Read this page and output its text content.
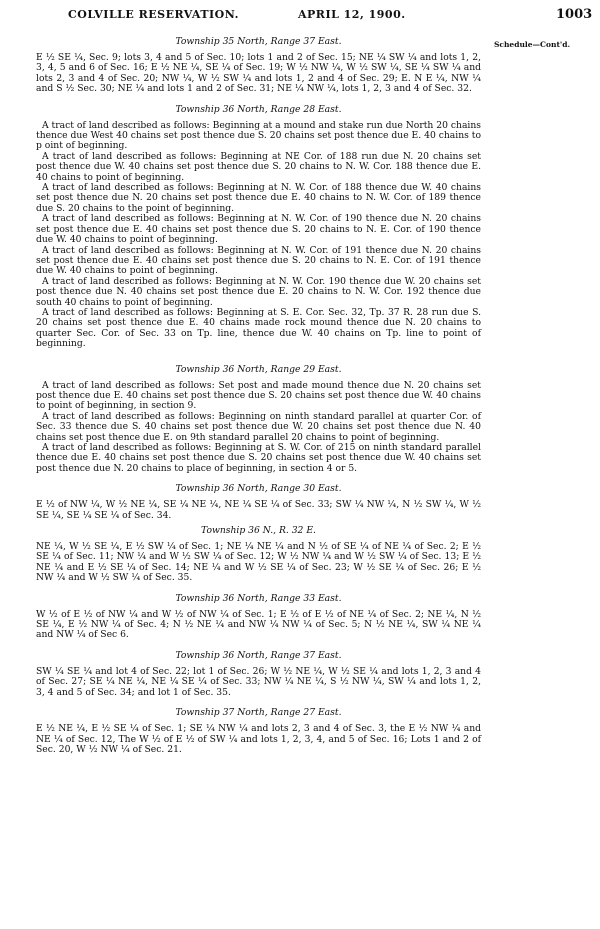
COLVILLE RESERVATION.	APRIL 12, 1900.	1003
Schedule—Cont'd.

Township 35 North, Range 37 East.

E ½ SE ¼, Sec. 9; lots 3, 4 and 5 of Sec. 10; lots 1 and 2 of Sec. 15; NE ¼ SW ¼ and lots 1, 2, 3, 4, 5 and 6 of Sec. 16; E ½ NE ¼, SE ¼ of Sec. 19; W ½ NW ¼, W ½ SW ¼, SE ¼ SW ¼ and lots 2, 3 and 4 of Sec. 20; NW ¼, W ½ SW ¼ and lots 1, 2 and 4 of Sec. 29; E. N E ¼, NW ¼ and S ½ Sec. 30; NE ¼ and lots 1 and 2 of Sec. 31; NE ¼ NW ¼, lots 1, 2, 3 and 4 of Sec. 32.

Township 36 North, Range 28 East.

A tract of land described as follows: Beginning at a mound and stake run due North 20 chains thence due West 40 chains set post thence due S. 20 chains set post thence due E. 40 chains to p oint of beginning.

A tract of land described as follows: Beginning at NE Cor. of 188 run due N. 20 chains set post thence due W. 40 chains set post thence due S. 20 chains to N. W. Cor. 188 thence due E. 40 chains to point of beginning.

A tract of land described as follows: Beginning at N. W. Cor. of 188 thence due W. 40 chains set post thence due N. 20 chains set post thence due E. 40 chains to N. W. Cor. of 189 thence due S. 20 chains to the point of beginning.

A tract of land described as follows: Beginning at N. W. Cor. of 190 thence due N. 20 chains set post thence due E. 40 chains set post thence due S. 20 chains to N. E. Cor. of 190 thence due W. 40 chains to point of beginning.

A tract of land described as follows: Beginning at N. W. Cor. of 191 thence due N. 20 chains set post thence due E. 40 chains set post thence due S. 20 chains to N. E. Cor. of 191 thence due W. 40 chains to point of beginning.

A tract of land described as follows: Beginning at N. W. Cor. 190 thence due W. 20 chains set post thence due N. 40 chains set post thence due E. 20 chains to N. W. Cor. 192 thence due south 40 chains to point of beginning.

A tract of land described as follows: Beginning at S. E. Cor. Sec. 32, Tp. 37 R. 28 run due S. 20 chains set post thence due E. 40 chains made rock mound thence due N. 20 chains to quarter Sec. Cor. of Sec. 33 on Tp. line, thence due W. 40 chains on Tp. line to point of beginning.

Township 36 North, Range 29 East.

A tract of land described as follows: Set post and made mound thence due N. 20 chains set post thence due E. 40 chains set post thence due S. 20 chains set post thence due W. 40 chains to point of beginning, in section 9.

A tract of land described as follows: Beginning on ninth standard parallel at quarter Cor. of Sec. 33 thence due S. 40 chains set post thence due W. 20 chains set post thence due N. 40 chains set post thence due E. on 9th standard parallel 20 chains to point of beginning.

A tract of land described as follows: Beginning at S. W. Cor. of 215 on ninth standard parallel thence due E. 40 chains set post thence due S. 20 chains set post thence due W. 40 chains set post thence due N. 20 chains to place of beginning, in section 4 or 5.

Township 36 North, Range 30 East.

E ½ of NW ¼, W ½ NE ¼, SE ¼ NE ¼, NE ¼ SE ¼ of Sec. 33; SW ¼ NW ¼, N ½ SW ¼, W ½ SE ¼, SE ¼ SE ¼ of Sec. 34.

Township 36 N., R. 32 E.

NE ¼, W ½ SE ¼, E ½ SW ¼ of Sec. 1; NE ¼ NE ¼ and N ½ of SE ¼ of NE ¼ of Sec. 2; E ½ SE ¼ of Sec. 11; NW ¼ and W ½ SW ¼ of Sec. 12; W ½ NW ¼ and W ½ SW ¼ of Sec. 13; E ½ NE ¼ and E ½ SE ¼ of Sec. 14; NE ¼ and W ½ SE ¼ of Sec. 23; W ½ SE ¼ of Sec. 26; E ½ NW ¼ and W ½ SW ¼ of Sec. 35.

Township 36 North, Range 33 East.

W ½ of E ½ of NW ¼ and W ½ of NW ¼ of Sec. 1; E ½ of E ½ of NE ¼ of Sec. 2; NE ¼, N ½ SE ¼, E ½ NW ¼ of Sec. 4; N ½ NE ¼ and NW ¼ NW ¼ of Sec. 5; N ½ NE ¼, SW ¼ NE ¼ and NW ¼ of Sec 6.

Township 36 North, Range 37 East.

SW ¼ SE ¼ and lot 4 of Sec. 22; lot 1 of Sec. 26; W ½ NE ¼, W ½ SE ¼ and lots 1, 2, 3 and 4 of Sec. 27; SE ¼ NE ¼, NE ¼ SE ¼ of Sec. 33; NW ¼ NE ¼, S ½ NW ¼, SW ¼ and lots 1, 2, 3, 4 and 5 of Sec. 34; and lot 1 of Sec. 35.

Township 37 North, Range 27 East.

E ½ NE ¼, E ½ SE ¼ of Sec. 1; SE ¼ NW ¼ and lots 2, 3 and 4 of Sec. 3, the E ½ NW ¼ and NE ¼ of Sec. 12, The W ½ of E ½ of SW ¼ and lots 1, 2, 3, 4, and 5 of Sec. 16; Lots 1 and 2 of Sec. 20, W ½ NW ¼ of Sec. 21.
